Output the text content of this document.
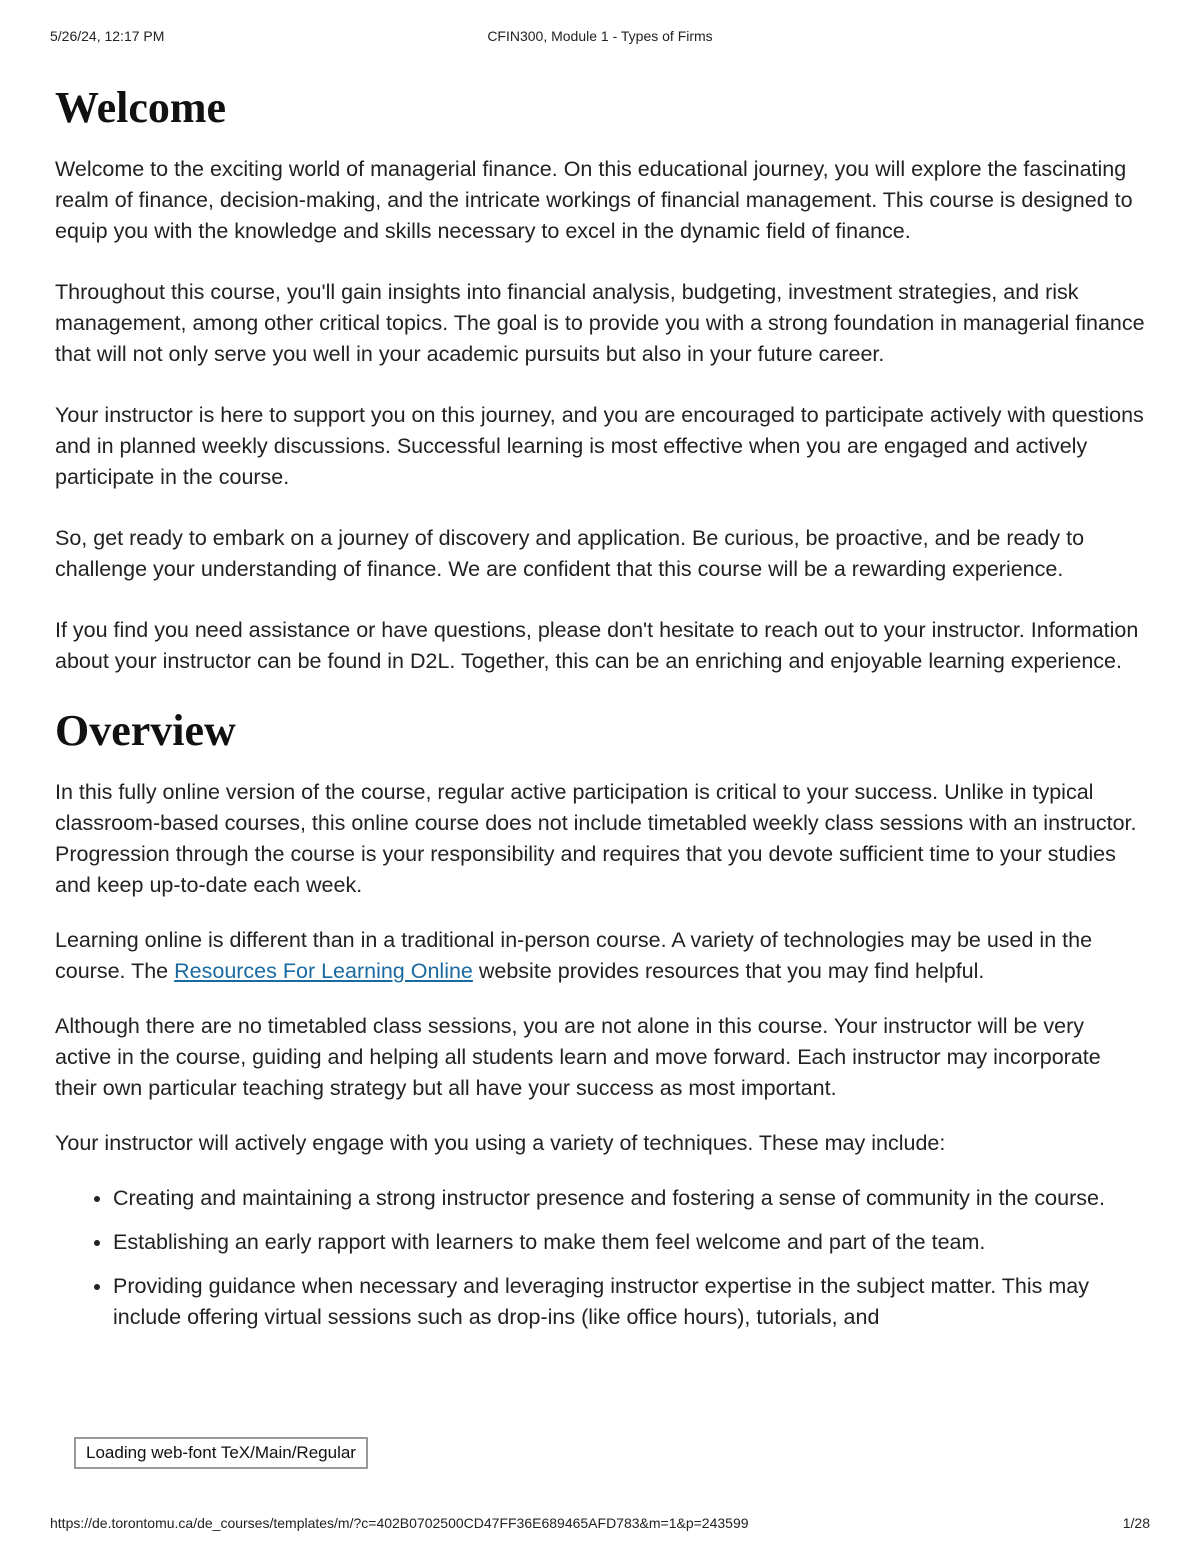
5/26/24, 12:17 PM	CFIN300, Module 1 - Types of Firms
Welcome

Welcome to the exciting world of managerial finance. On this educational journey, you will explore the fascinating realm of finance, decision-making, and the intricate workings of financial management. This course is designed to equip you with the knowledge and skills necessary to excel in the dynamic field of finance.

Throughout this course, you'll gain insights into financial analysis, budgeting, investment strategies, and risk management, among other critical topics. The goal is to provide you with a strong foundation in managerial finance that will not only serve you well in your academic pursuits but also in your future career.

Your instructor is here to support you on this journey, and you are encouraged to participate actively with questions and in planned weekly discussions. Successful learning is most effective when you are engaged and actively participate in the course.

So, get ready to embark on a journey of discovery and application. Be curious, be proactive, and be ready to challenge your understanding of finance. We are confident that this course will be a rewarding experience.

If you find you need assistance or have questions, please don't hesitate to reach out to your instructor. Information about your instructor can be found in D2L. Together, this can be an enriching and enjoyable learning experience.

Overview

In this fully online version of the course, regular active participation is critical to your success. Unlike in typical classroom-based courses, this online course does not include timetabled weekly class sessions with an instructor. Progression through the course is your responsibility and requires that you devote sufficient time to your studies and keep up-to-date each week.

Learning online is different than in a traditional in-person course. A variety of technologies may be used in the course. The Resources For Learning Online website provides resources that you may find helpful.

Although there are no timetabled class sessions, you are not alone in this course. Your instructor will be very active in the course, guiding and helping all students learn and move forward. Each instructor may incorporate their own particular teaching strategy but all have your success as most important.

Your instructor will actively engage with you using a variety of techniques. These may include:

• Creating and maintaining a strong instructor presence and fostering a sense of community in the course.
• Establishing an early rapport with learners to make them feel welcome and part of the team.
• Providing guidance when necessary and leveraging instructor expertise in the subject matter. This may include offering virtual sessions such as drop-ins (like office hours), tutorials, and
Loading web-font TeX/Main/Regular
https://de.torontomu.ca/de_courses/templates/m/?c=402B0702500CD47FF36E689465AFD783&m=1&p=243599	1/28
